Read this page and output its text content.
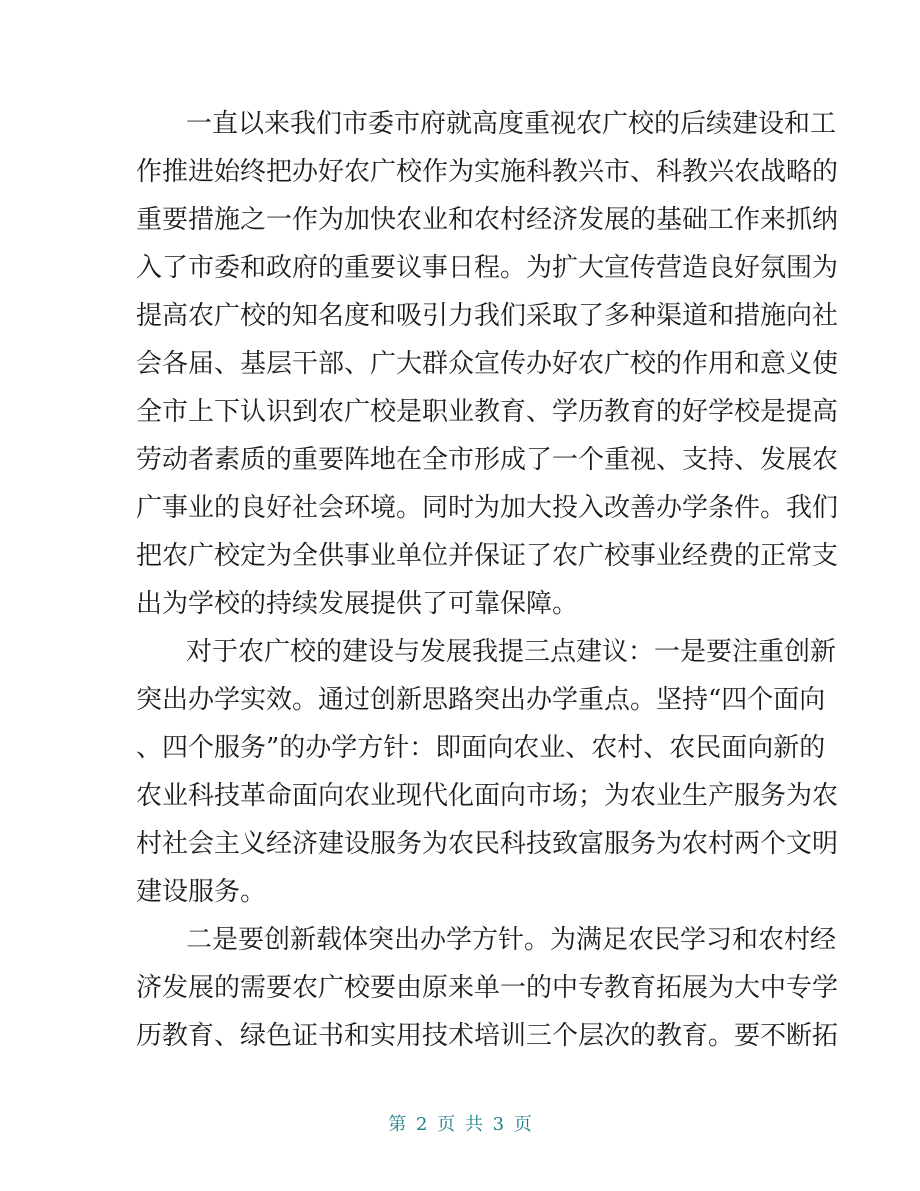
一直以来我们市委市府就高度重视农广校的后续建设和工
作推进始终把办好农广校作为实施科教兴市、科教兴农战略的
重要措施之一作为加快农业和农村经济发展的基础工作来抓纳
入了市委和政府的重要议事日程。为扩大宣传营造良好氛围为
提高农广校的知名度和吸引力我们采取了多种渠道和措施向社
会各届、基层干部、广大群众宣传办好农广校的作用和意义使
全市上下认识到农广校是职业教育、学历教育的好学校是提高
劳动者素质的重要阵地在全市形成了一个重视、支持、发展农
广事业的良好社会环境。同时为加大投入改善办学条件。我们
把农广校定为全供事业单位并保证了农广校事业经费的正常支
出为学校的持续发展提供了可靠保障。
对于农广校的建设与发展我提三点建议：一是要注重创新
突出办学实效。通过创新思路突出办学重点。坚持“四个面向
、四个服务”的办学方针：即面向农业、农村、农民面向新的
农业科技革命面向农业现代化面向市场；为农业生产服务为农
村社会主义经济建设服务为农民科技致富服务为农村两个文明
建设服务。
二是要创新载体突出办学方针。为满足农民学习和农村经
济发展的需要农广校要由原来单一的中专教育拓展为大中专学
历教育、绿色证书和实用技术培训三个层次的教育。要不断拓
第 2 页 共 3 页
